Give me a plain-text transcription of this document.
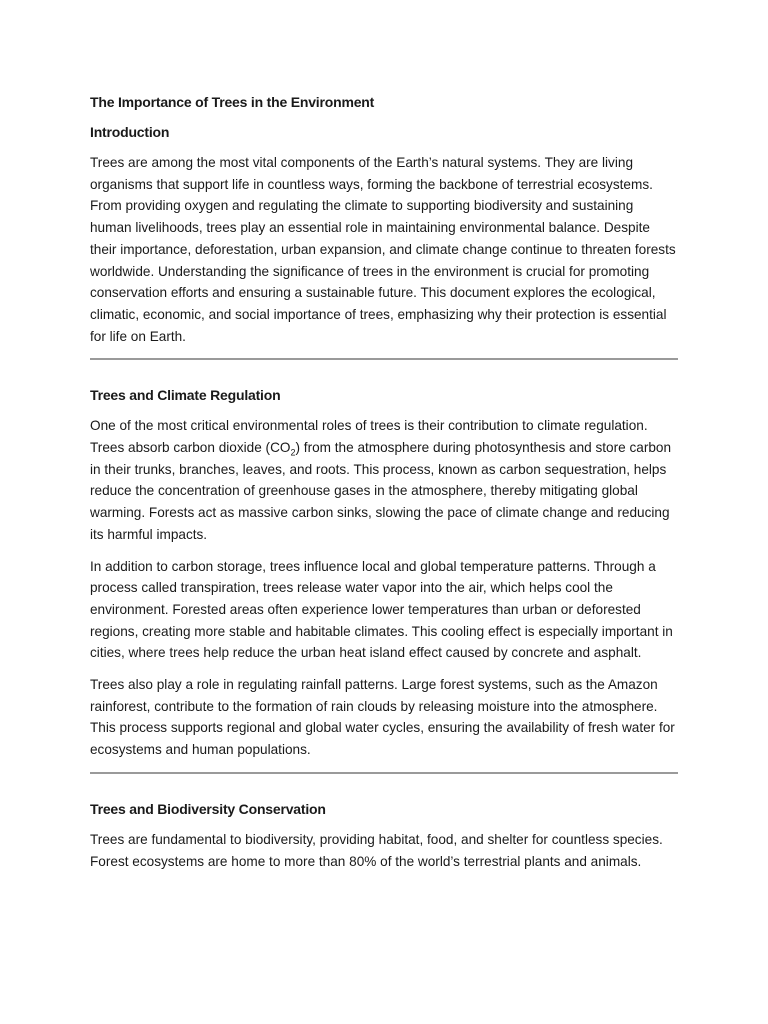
The Importance of Trees in the Environment
Introduction

Trees are among the most vital components of the Earth’s natural systems. They are living organisms that support life in countless ways, forming the backbone of terrestrial ecosystems. From providing oxygen and regulating the climate to supporting biodiversity and sustaining human livelihoods, trees play an essential role in maintaining environmental balance. Despite their importance, deforestation, urban expansion, and climate change continue to threaten forests worldwide. Understanding the significance of trees in the environment is crucial for promoting conservation efforts and ensuring a sustainable future. This document explores the ecological, climatic, economic, and social importance of trees, emphasizing why their protection is essential for life on Earth.

Trees and Climate Regulation

One of the most critical environmental roles of trees is their contribution to climate regulation. Trees absorb carbon dioxide $(CO_2)$ from the atmosphere during photosynthesis and store carbon in their trunks, branches, leaves, and roots. This process, known as carbon sequestration, helps reduce the concentration of greenhouse gases in the atmosphere, thereby mitigating global warming. Forests act as massive carbon sinks, slowing the pace of climate change and reducing its harmful impacts.

In addition to carbon storage, trees influence local and global temperature patterns. Through a process called transpiration, trees release water vapor into the air, which helps cool the environment. Forested areas often experience lower temperatures than urban or deforested regions, creating more stable and habitable climates. This cooling effect is especially important in cities, where trees help reduce the urban heat island effect caused by concrete and asphalt.

Trees also play a role in regulating rainfall patterns. Large forest systems, such as the Amazon rainforest, contribute to the formation of rain clouds by releasing moisture into the atmosphere. This process supports regional and global water cycles, ensuring the availability of fresh water for ecosystems and human populations.

Trees and Biodiversity Conservation

Trees are fundamental to biodiversity, providing habitat, food, and shelter for countless species. Forest ecosystems are home to more than 80% of the world’s terrestrial plants and animals.
